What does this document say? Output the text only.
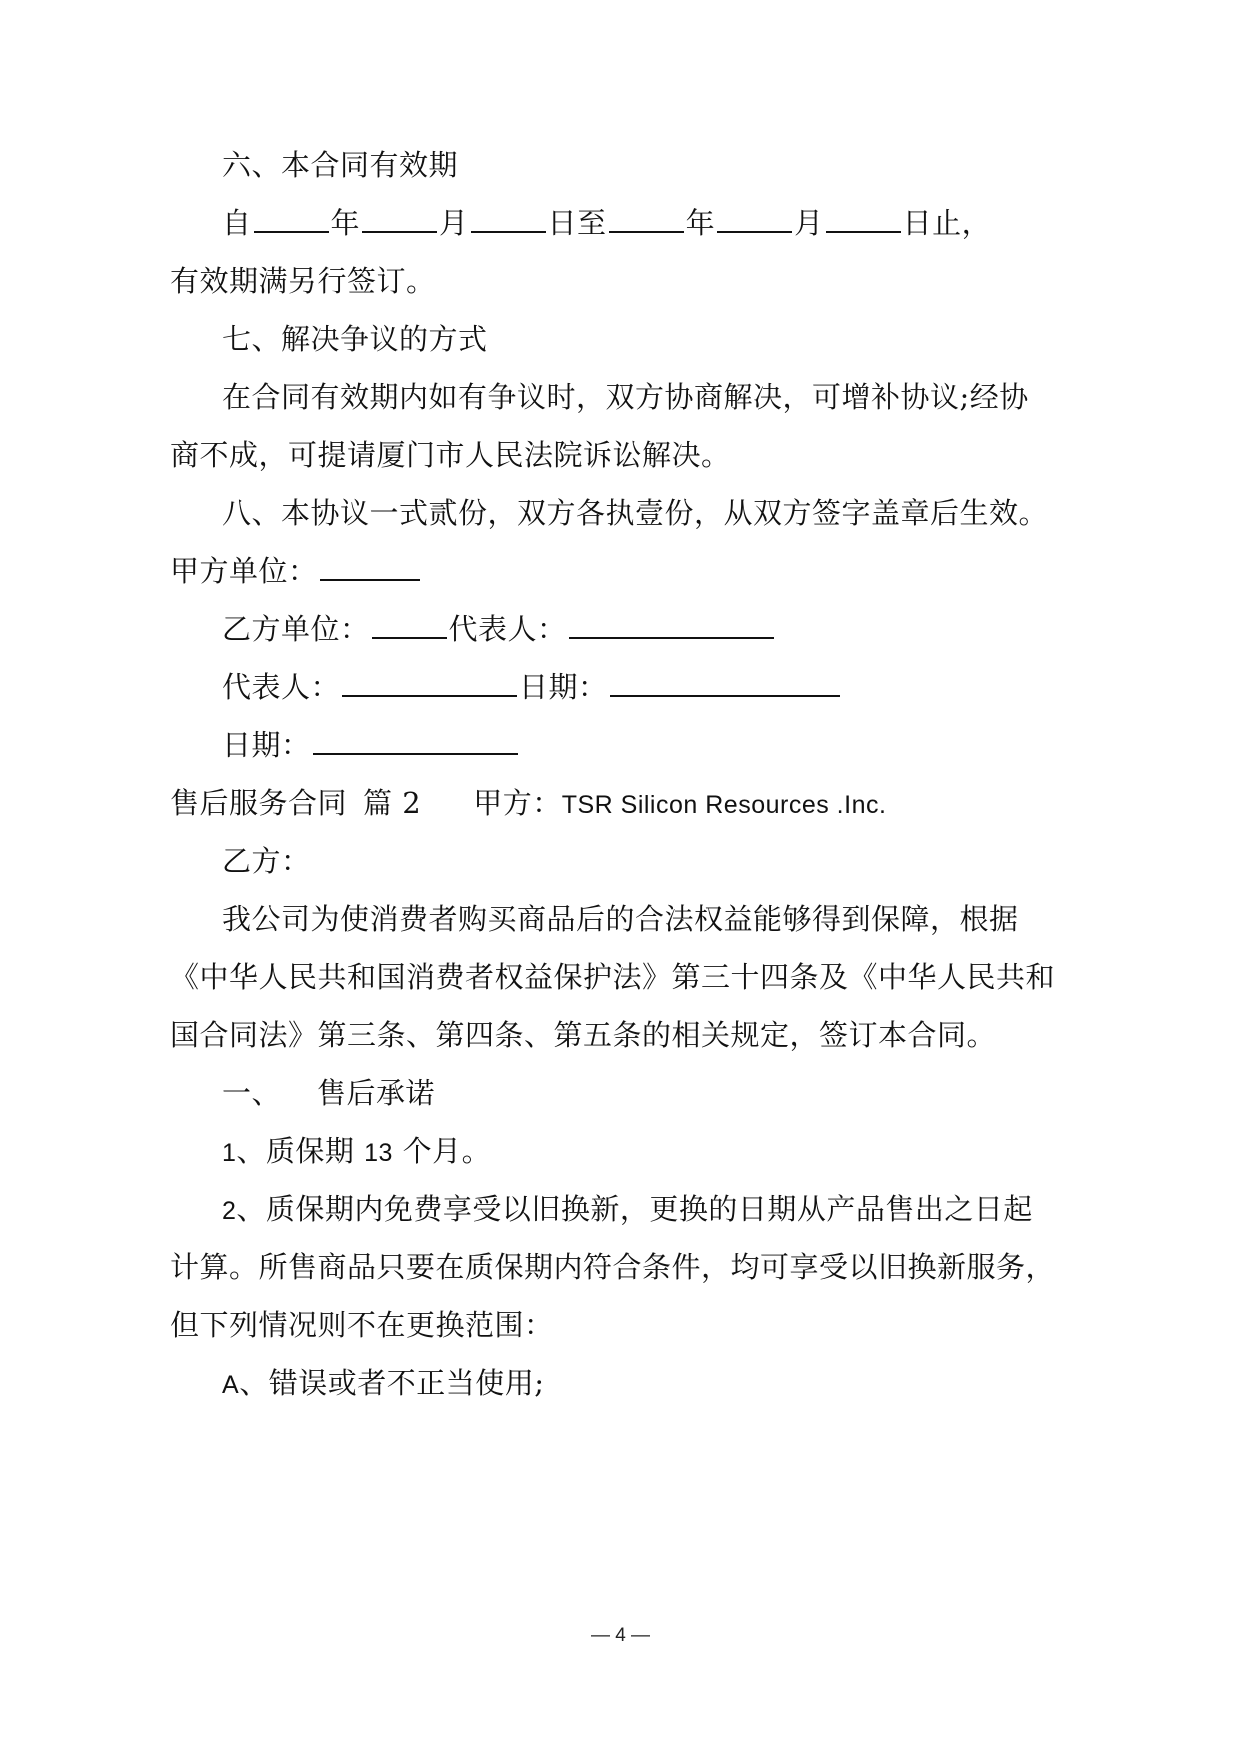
六、本合同有效期
自	年	月	日至	年	月	日止，
有效期满另行签订。
七、解决争议的方式
在合同有效期内如有争议时，双方协商解决，可增补协议;经协
商不成，可提请厦门市人民法院诉讼解决。
八、本协议一式贰份，双方各执壹份，从双方签字盖章后生效。
甲方单位：
乙方单位：	代表人：
代表人：	日期：
日期：
售后服务合同 篇 2 甲方：TSR Silicon Resources .Inc.
乙方：
我公司为使消费者购买商品后的合法权益能够得到保障，根据
《中华人民共和国消费者权益保护法》第三十四条及《中华人民共和
国合同法》第三条、第四条、第五条的相关规定，签订本合同。
一、 售后承诺
1、质保期 13 个月。
2、质保期内免费享受以旧换新，更换的日期从产品售出之日起
计算。所售商品只要在质保期内符合条件，均可享受以旧换新服务，
但下列情况则不在更换范围：
A、错误或者不正当使用;
— 4 —
